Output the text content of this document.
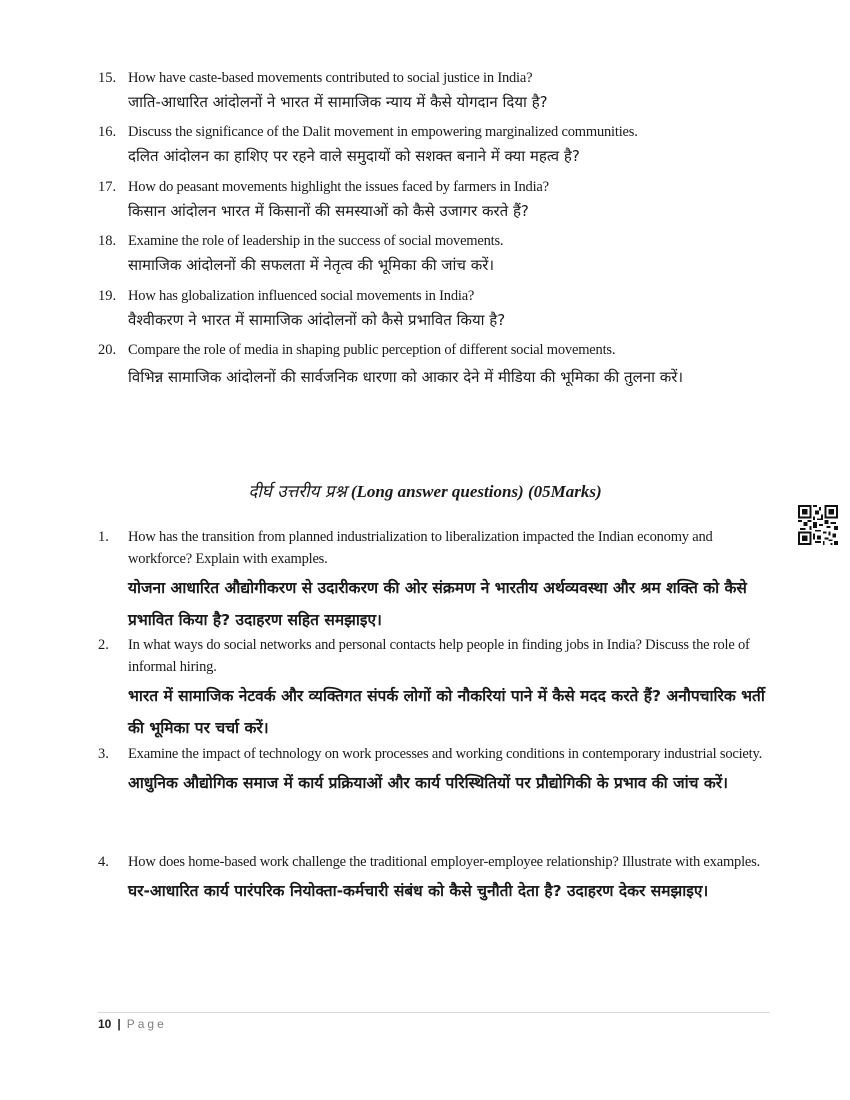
15. How have caste-based movements contributed to social justice in India?
जाति-आधारित आंदोलनों ने भारत में सामाजिक न्याय में कैसे योगदान दिया है?
16. Discuss the significance of the Dalit movement in empowering marginalized communities.
दलित आंदोलन का हाशिए पर रहने वाले समुदायों को सशक्त बनाने में क्या महत्व है?
17. How do peasant movements highlight the issues faced by farmers in India?
किसान आंदोलन भारत में किसानों की समस्याओं को कैसे उजागर करते हैं?
18. Examine the role of leadership in the success of social movements.
सामाजिक आंदोलनों की सफलता में नेतृत्व की भूमिका की जांच करें।
19. How has globalization influenced social movements in India?
वैश्वीकरण ने भारत में सामाजिक आंदोलनों को कैसे प्रभावित किया है?
20. Compare the role of media in shaping public perception of different social movements.
विभिन्न सामाजिक आंदोलनों की सार्वजनिक धारणा को आकार देने में मीडिया की भूमिका की तुलना करें।
दीर्घ उत्तरीय प्रश्न (Long answer questions) (05Marks)
1. How has the transition from planned industrialization to liberalization impacted the Indian economy and workforce? Explain with examples.
योजना आधारित औद्योगीकरण से उदारीकरण की ओर संक्रमण ने भारतीय अर्थव्यवस्था और श्रम शक्ति को कैसे प्रभावित किया है? उदाहरण सहित समझाइए।
2. In what ways do social networks and personal contacts help people in finding jobs in India? Discuss the role of informal hiring.
भारत में सामाजिक नेटवर्क और व्यक्तिगत संपर्क लोगों को नौकरियां पाने में कैसे मदद करते हैं? अनौपचारिक भर्ती की भूमिका पर चर्चा करें।
3. Examine the impact of technology on work processes and working conditions in contemporary industrial society.
आधुनिक औद्योगिक समाज में कार्य प्रक्रियाओं और कार्य परिस्थितियों पर प्रौद्योगिकी के प्रभाव की जांच करें।
4. How does home-based work challenge the traditional employer-employee relationship? Illustrate with examples.
घर-आधारित कार्य पारंपरिक नियोक्ता-कर्मचारी संबंध को कैसे चुनौती देता है? उदाहरण देकर समझाइए।
10 | Page
